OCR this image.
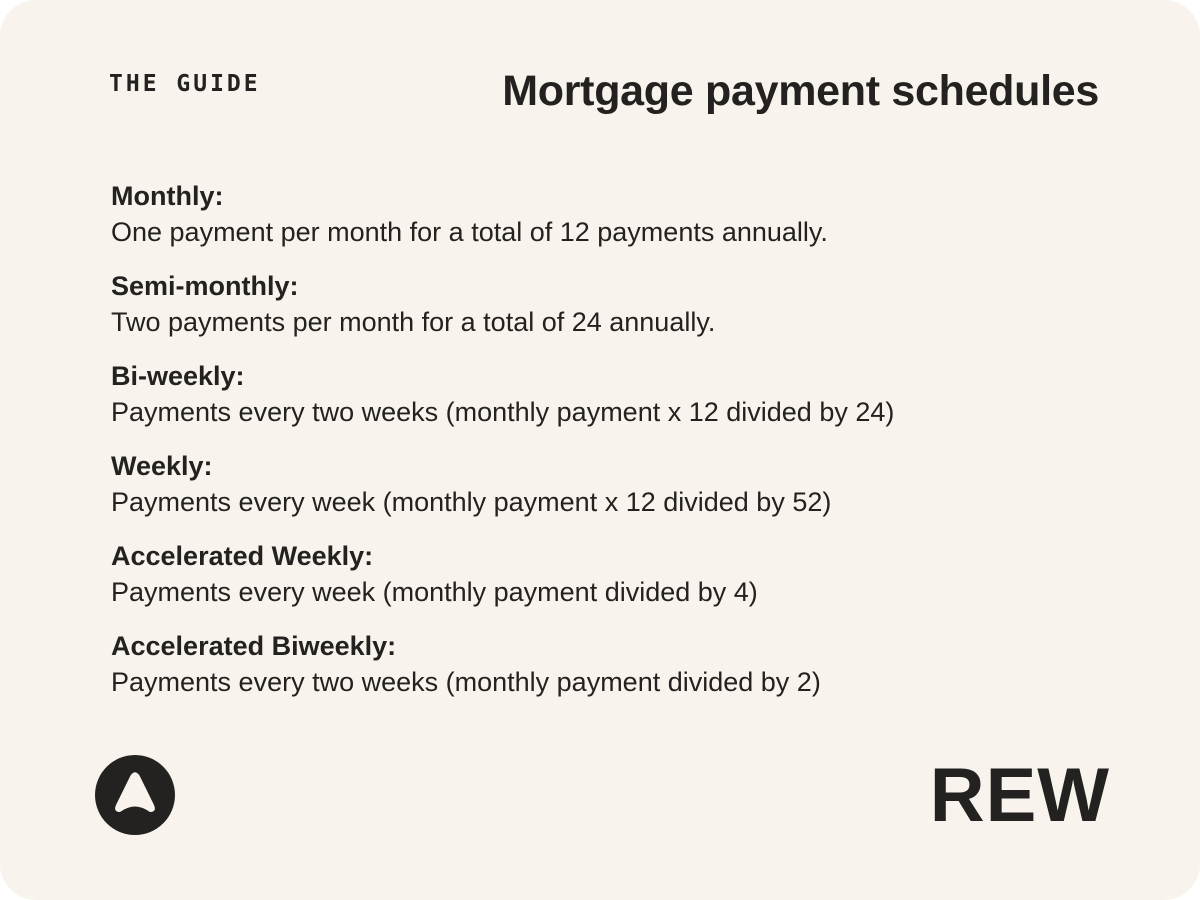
THE GUIDE	Mortgage payment schedules
Monthly:
One payment per month for a total of 12 payments annually.
Semi-monthly:
Two payments per month for a total of 24 annually.
Bi-weekly:
Payments every two weeks (monthly payment x 12 divided by 24)
Weekly:
Payments every week (monthly payment x 12 divided by 52)
Accelerated Weekly:
Payments every week (monthly payment divided by 4)
Accelerated Biweekly:
Payments every two weeks (monthly payment divided by 2)
REW
